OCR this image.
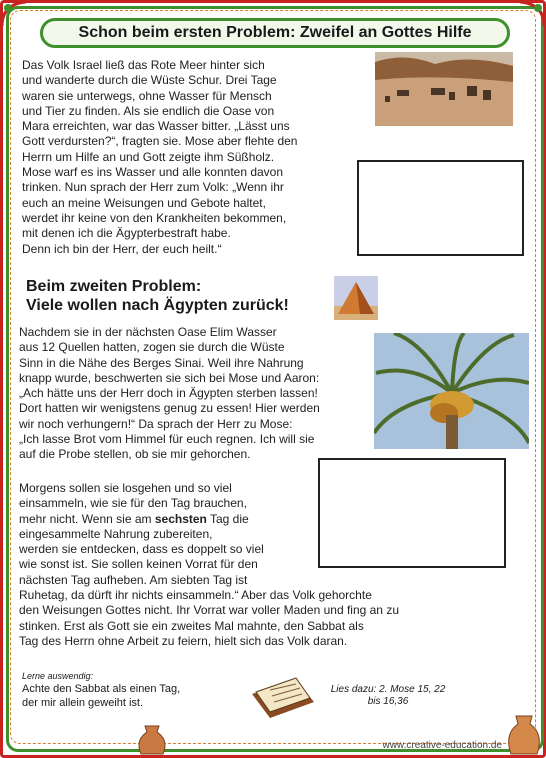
Schon beim ersten Problem: Zweifel an Gottes Hilfe

Das Volk Israel ließ das Rote Meer hinter sich
und wanderte durch die Wüste Schur. Drei Tage
waren sie unterwegs, ohne Wasser für Mensch
und Tier zu finden. Als sie endlich die Oase von
Mara erreichten, war das Wasser bitter. „Lässt uns
Gott verdursten?“, fragten sie. Mose aber flehte den
Herrn um Hilfe an und Gott zeigte ihm Süßholz.
Mose warf es ins Wasser und alle konnten davon
trinken. Nun sprach der Herr zum Volk: „Wenn ihr
euch an meine Weisungen und Gebote haltet,
werdet ihr keine von den Krankheiten bekommen,
mit denen ich die Ägypterbestraft habe.
Denn ich bin der Herr, der euch heilt.“

Beim zweiten Problem:
Viele wollen nach Ägypten zurück!

Nachdem sie in der nächsten Oase Elim Wasser
aus 12 Quellen hatten, zogen sie durch die Wüste
Sinn in die Nähe des Berges Sinai. Weil ihre Nahrung
knapp wurde, beschwerten sie sich bei Mose und Aaron:
„Ach hätte uns der Herr doch in Ägypten sterben lassen!
Dort hatten wir wenigstens genug zu essen! Hier werden
wir noch verhungern!“ Da sprach der Herr zu Mose:
„Ich lasse Brot vom Himmel für euch regnen. Ich will sie
auf die Probe stellen, ob sie mir gehorchen.

Morgens sollen sie losgehen und so viel
einsammeln, wie sie für den Tag brauchen,
mehr nicht. Wenn sie am sechsten Tag die
eingesammelte Nahrung zubereiten,
werden sie entdecken, dass es doppelt so viel
wie sonst ist. Sie sollen keinen Vorrat für den
nächsten Tag aufheben. Am siebten Tag ist
Ruhetag, da dürft ihr nichts einsammeln.“ Aber das Volk gehorchte
den Weisungen Gottes nicht. Ihr Vorrat war voller Maden und fing an zu
stinken. Erst als Gott sie ein zweites Mal mahnte, den Sabbat als
Tag des Herrn ohne Arbeit zu feiern, hielt sich das Volk daran.

Lerne auswendig:
Achte den Sabbat als einen Tag,
der mir allein geweiht ist.
Lies dazu: 2. Mose 15, 22
bis 16,36
www.creative-education.de
